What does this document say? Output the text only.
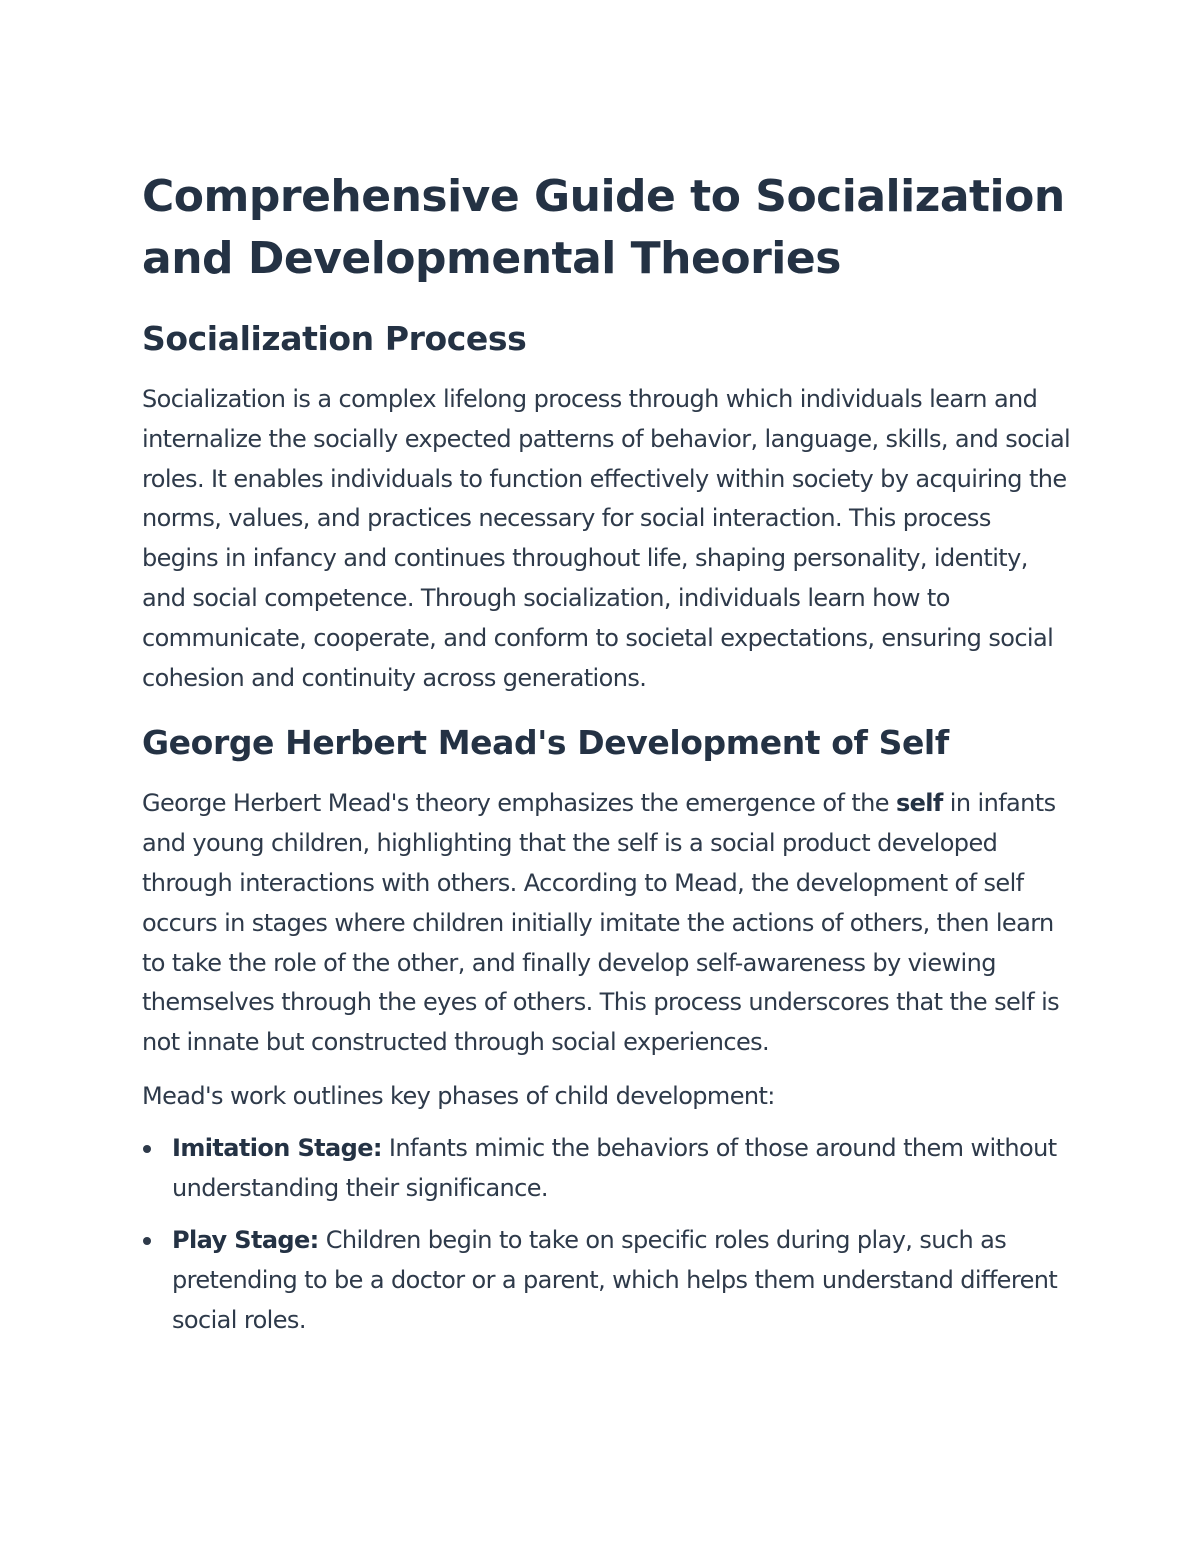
Comprehensive Guide to Socialization and Developmental Theories
Socialization Process

Socialization is a complex lifelong process through which individuals learn and internalize the socially expected patterns of behavior, language, skills, and social roles. It enables individuals to function effectively within society by acquiring the norms, values, and practices necessary for social interaction. This process begins in infancy and continues throughout life, shaping personality, identity, and social competence. Through socialization, individuals learn how to communicate, cooperate, and conform to societal expectations, ensuring social cohesion and continuity across generations.

George Herbert Mead's Development of Self

George Herbert Mead's theory emphasizes the emergence of the self in infants and young children, highlighting that the self is a social product developed through interactions with others. According to Mead, the development of self occurs in stages where children initially imitate the actions of others, then learn to take the role of the other, and finally develop self-awareness by viewing themselves through the eyes of others. This process underscores that the self is not innate but constructed through social experiences.

Mead's work outlines key phases of child development:

Imitation Stage: Infants mimic the behaviors of those around them without understanding their significance.
Play Stage: Children begin to take on specific roles during play, such as pretending to be a doctor or a parent, which helps them understand different social roles.
